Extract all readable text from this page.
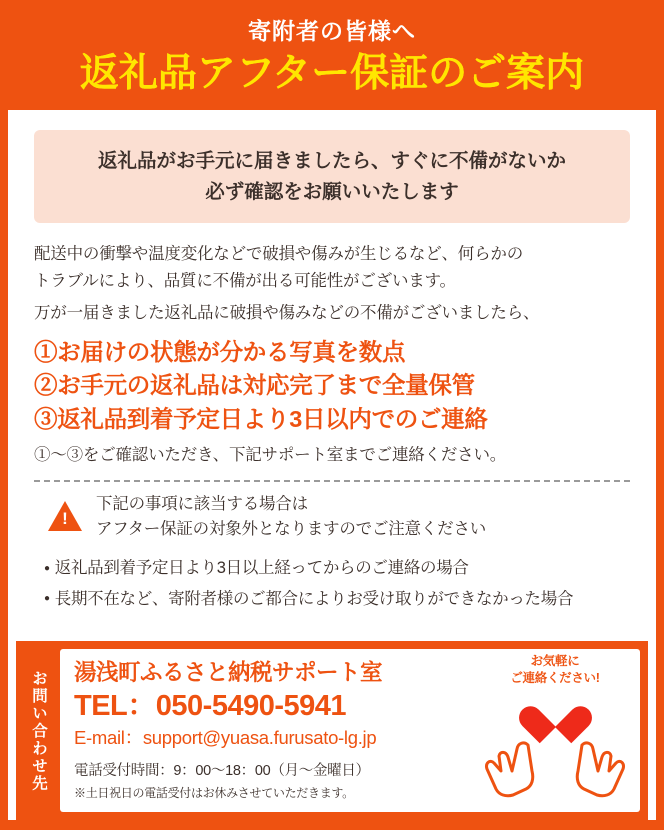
寄附者の皆様へ
返礼品アフター保証のご案内
返礼品がお手元に届きましたら、すぐに不備がないか
必ず確認をお願いいたします
配送中の衝撃や温度変化などで破損や傷みが生じるなど、何らかの
トラブルにより、品質に不備が出る可能性がございます。
万が一届きました返礼品に破損や傷みなどの不備がございましたら、
①お届けの状態が分かる写真を数点
②お手元の返礼品は対応完了まで全量保管
③返礼品到着予定日より3日以内でのご連絡
①〜③をご確認いただき、下記サポート室までご連絡ください。
!
下記の事項に該当する場合は
アフター保証の対象外となりますのでご注意ください
● 返礼品到着予定日より3日以上経ってからのご連絡の場合
● 長期不在など、寄附者様のご都合によりお受け取りができなかった場合
お問い合わせ先	湯浅町ふるさと納税サポート室
TEL：050-5490-5941
E-mail：support@yuasa.furusato-lg.jp
電話受付時間：9：00〜18：00（月〜金曜日）
※土日祝日の電話受付はお休みさせていただきます。
お気軽に
ご連絡ください!
